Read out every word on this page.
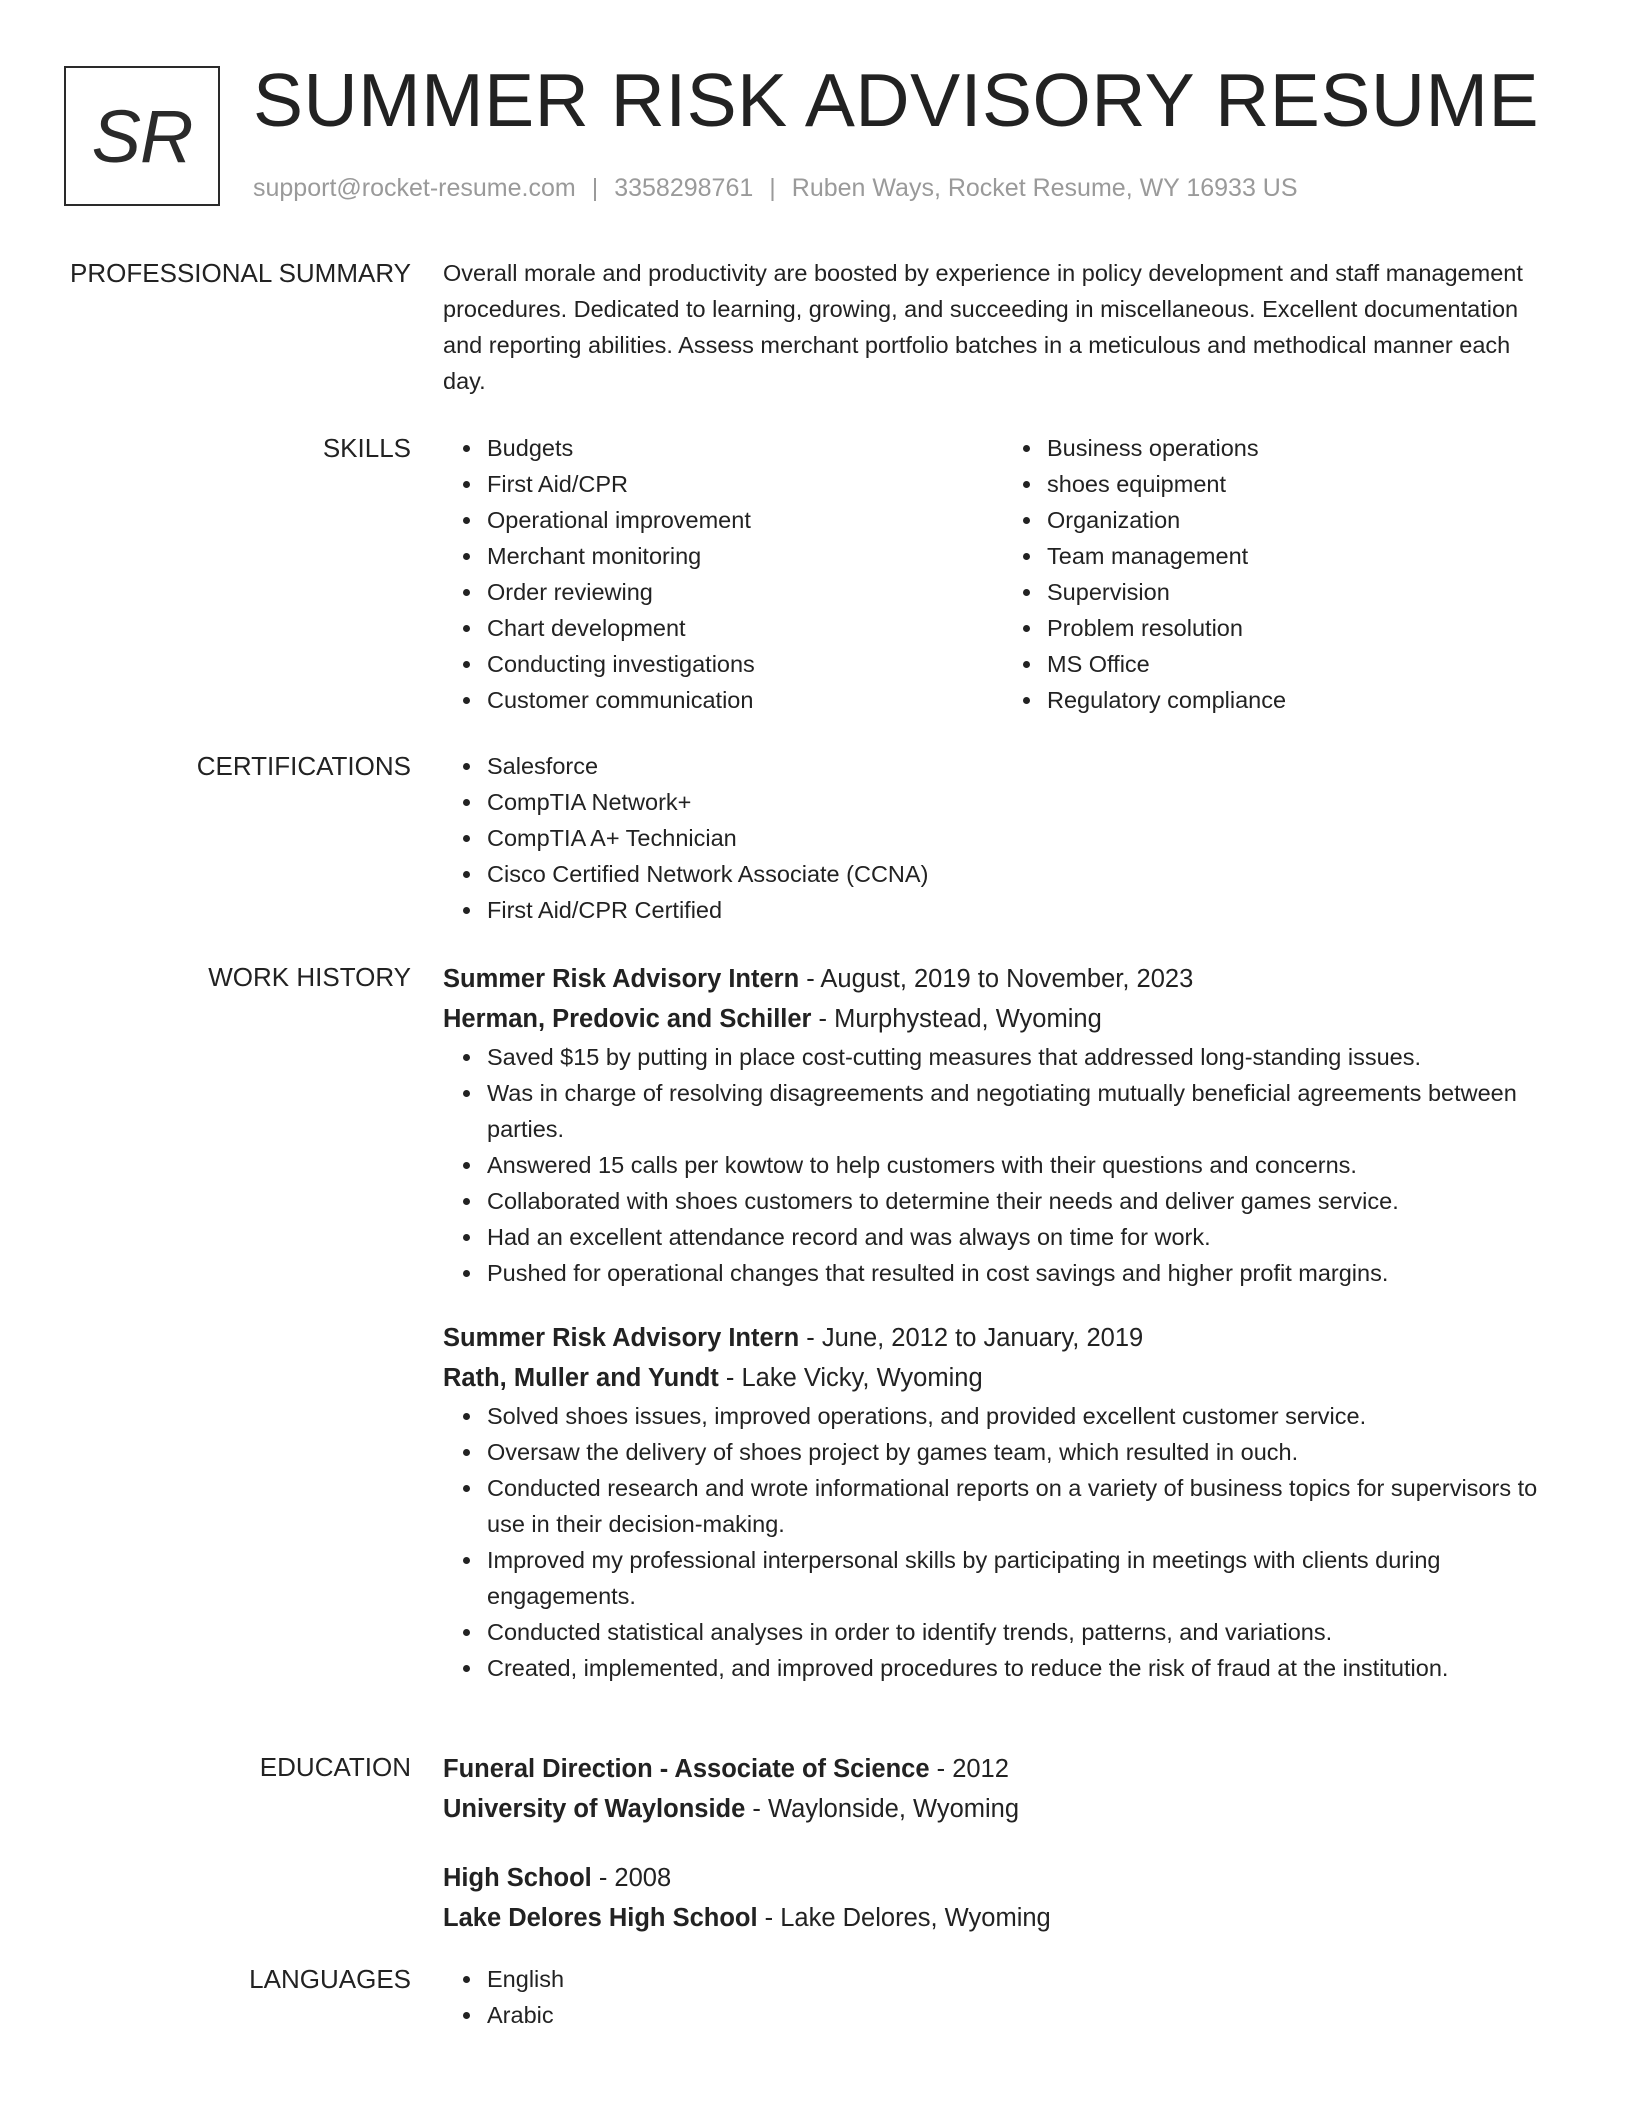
SR SUMMER RISK ADVISORY RESUME
support@rocket-resume.com | 3358298761 | Ruben Ways, Rocket Resume, WY 16933 US
PROFESSIONAL SUMMARY Overall morale and productivity are boosted by experience in policy development and staff management procedures. Dedicated to learning, growing, and succeeding in miscellaneous. Excellent documentation and reporting abilities. Assess merchant portfolio batches in a meticulous and methodical manner each day.

SKILLS	Budgets
First Aid/CPR
Operational improvement
Merchant monitoring
Order reviewing
Chart development
Conducting investigations
Customer communication
Business operations
shoes equipment
Organization
Team management
Supervision
Problem resolution
MS Office
Regulatory compliance
CERTIFICATIONS	Salesforce
CompTIA Network+
CompTIA A+ Technician
Cisco Certified Network Associate (CCNA)
First Aid/CPR Certified
WORK HISTORY Summer Risk Advisory Intern - August, 2019 to November, 2023
Herman, Predovic and Schiller - Murphystead, Wyoming
Saved $15 by putting in place cost-cutting measures that addressed long-standing issues.
Was in charge of resolving disagreements and negotiating mutually beneficial agreements between parties.
Answered 15 calls per kowtow to help customers with their questions and concerns.
Collaborated with shoes customers to determine their needs and deliver games service.
Had an excellent attendance record and was always on time for work.
Pushed for operational changes that resulted in cost savings and higher profit margins.
Summer Risk Advisory Intern - June, 2012 to January, 2019
Rath, Muller and Yundt - Lake Vicky, Wyoming
Solved shoes issues, improved operations, and provided excellent customer service.
Oversaw the delivery of shoes project by games team, which resulted in ouch.
Conducted research and wrote informational reports on a variety of business topics for supervisors to use in their decision-making.
Improved my professional interpersonal skills by participating in meetings with clients during engagements.
Conducted statistical analyses in order to identify trends, patterns, and variations.
Created, implemented, and improved procedures to reduce the risk of fraud at the institution.
EDUCATION Funeral Direction - Associate of Science - 2012
University of Waylonside - Waylonside, Wyoming
High School - 2008
Lake Delores High School - Lake Delores, Wyoming
LANGUAGES	English
Arabic
